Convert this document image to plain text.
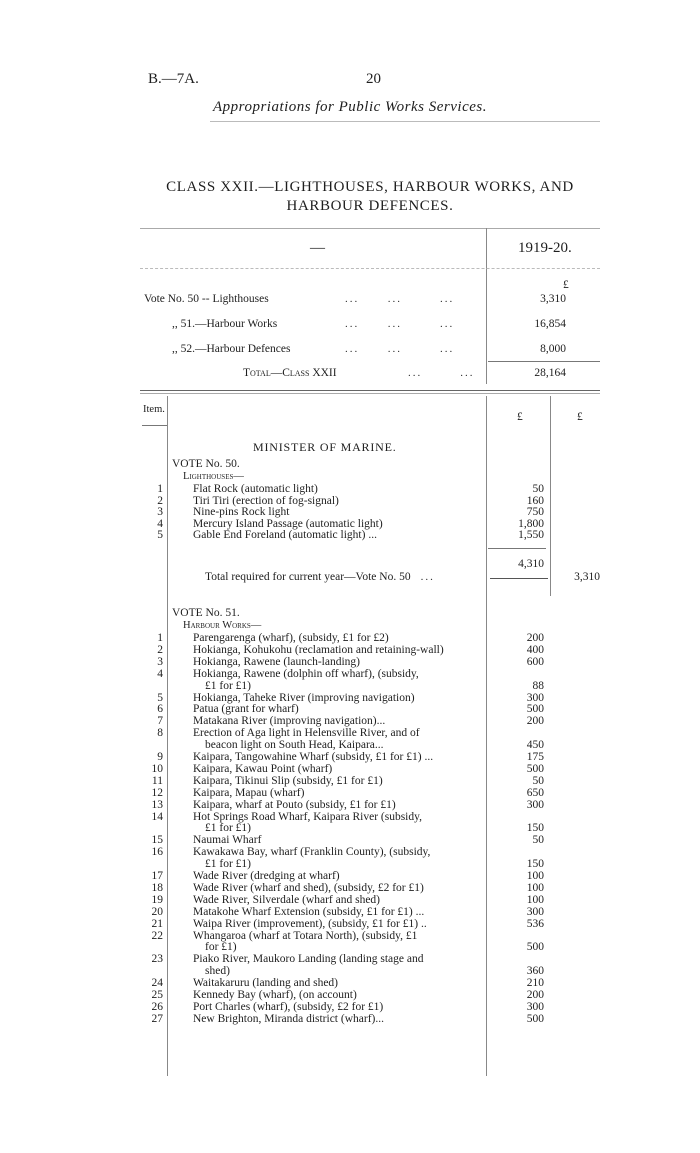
B.—7A.	20
Appropriations for Public Works Services.
CLASS XXII.—LIGHTHOUSES, HARBOUR WORKS, AND HARBOUR DEFENCES.
—	1919-20.
£
Vote No. 50 -- Lighthouses	...      ...        ...	3,310
,, 51.—Harbour Works	...      ...        ...	16,854
,, 52.—Harbour Defences	...      ...        ...	8,000
Total—Class XXII	...        ...	28,164
Item.
£	£
MINISTER OF MARINE.
VOTE No. 50.
Lighthouses—
1	Flat Rock (automatic light)	50
2	Tiri Tiri (erection of fog-signal)	160
3	Nine-pins Rock light	750
4	Mercury Island Passage (automatic light)	1,800
5	Gable End Foreland (automatic light) ...	1,550
4,310
Total required for current year—Vote No. 50 ...	3,310
VOTE No. 51.
Harbour Works—
1	Parengarenga (wharf), (subsidy, £1 for £2)	200
2	Hokianga, Kohukohu (reclamation and retaining-wall)	400
3	Hokianga, Rawene (launch-landing)	600
4	Hokianga, Rawene (dolphin off wharf), (subsidy,
£1 for £1)	88
5	Hokianga, Taheke River (improving navigation)	300
6	Patua (grant for wharf)	500
7	Matakana River (improving navigation)...	200
8	Erection of Aga light in Helensville River, and of
beacon light on South Head, Kaipara...	450
9	Kaipara, Tangowahine Wharf (subsidy, £1 for £1) ...	175
10	Kaipara, Kawau Point (wharf)	500
11	Kaipara, Tikinui Slip (subsidy, £1 for £1)	50
12	Kaipara, Mapau (wharf)	650
13	Kaipara, wharf at Pouto (subsidy, £1 for £1)	300
14	Hot Springs Road Wharf, Kaipara River (subsidy,
£1 for £1)	150
15	Naumai Wharf	50
16	Kawakawa Bay, wharf (Franklin County), (subsidy,
£1 for £1)	150
17	Wade River (dredging at wharf)	100
18	Wade River (wharf and shed), (subsidy, £2 for £1)	100
19	Wade River, Silverdale (wharf and shed)	100
20	Matakohe Wharf Extension (subsidy, £1 for £1) ...	300
21	Waipa River (improvement), (subsidy, £1 for £1) ..	536
22	Whangaroa (wharf at Totara North), (subsidy, £1
for £1)	500
23	Piako River, Maukoro Landing (landing stage and
shed)	360
24	Waitakaruru (landing and shed)	210
25	Kennedy Bay (wharf), (on account)	200
26	Port Charles (wharf), (subsidy, £2 for £1)	300
27	New Brighton, Miranda district (wharf)...	500
